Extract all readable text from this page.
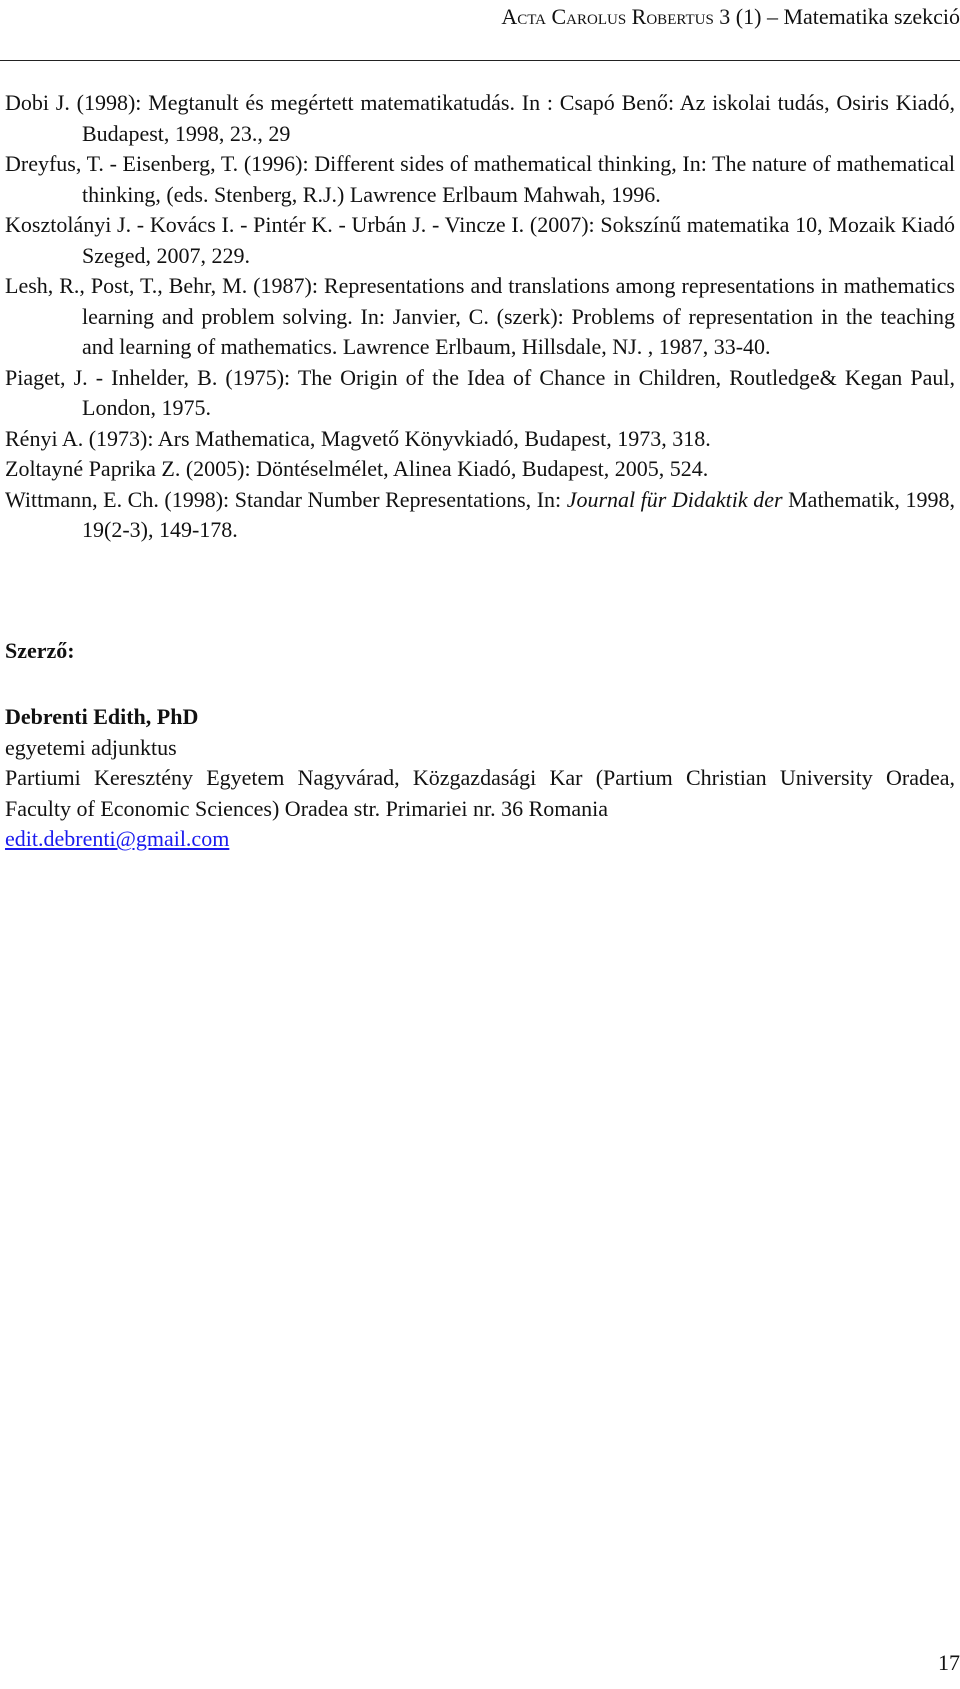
Acta Carolus Robertus 3 (1) – Matematika szekció

Dobi J. (1998): Megtanult és megértett matematikatudás. In : Csapó Benő: Az iskolai tudás, Osiris Kiadó, Budapest, 1998, 23., 29

Dreyfus, T. - Eisenberg, T. (1996): Different sides of mathematical thinking, In: The nature of mathematical thinking, (eds. Stenberg, R.J.) Lawrence Erlbaum Mahwah, 1996.

Kosztolányi J. - Kovács I. - Pintér K. - Urbán J. - Vincze I. (2007): Sokszínű matematika 10, Mozaik Kiadó Szeged, 2007, 229.

Lesh, R., Post, T., Behr, M. (1987): Representations and translations among representations in mathematics learning and problem solving. In: Janvier, C. (szerk): Problems of representation in the teaching and learning of mathematics. Lawrence Erlbaum, Hillsdale, NJ. , 1987, 33-40.

Piaget, J. - Inhelder, B. (1975): The Origin of the Idea of Chance in Children, Routledge& Kegan Paul, London, 1975.

Rényi A. (1973): Ars Mathematica, Magvető Könyvkiadó, Budapest, 1973, 318.

Zoltayné Paprika Z. (2005): Döntéselmélet, Alinea Kiadó, Budapest, 2005, 524.

Wittmann, E. Ch. (1998): Standar Number Representations, In: Journal für Didaktik der Mathematik, 1998, 19(2-3), 149-178.

Szerző:
Debrenti Edith, PhD
egyetemi adjunktus
Partiumi Keresztény Egyetem Nagyvárad, Közgazdasági Kar (Partium Christian University Oradea, Faculty of Economic Sciences) Oradea str. Primariei nr. 36 Romania
edit.debrenti@gmail.com
17
